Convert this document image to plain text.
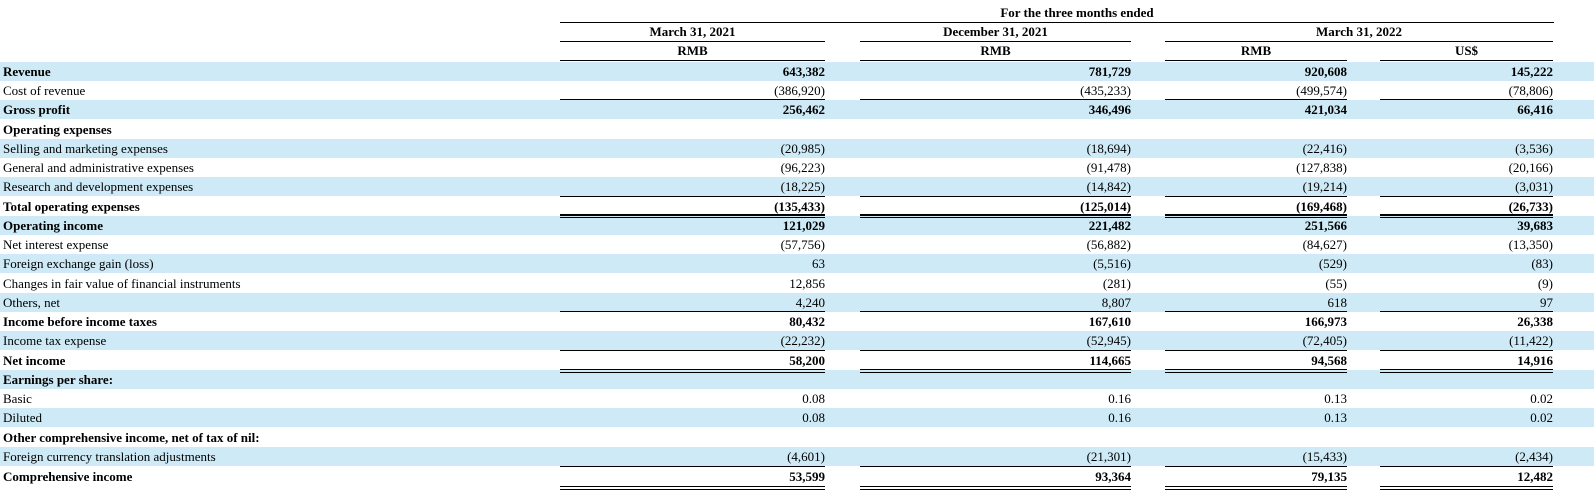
For the three months ended
March 31, 2021	December 31, 2021	March 31, 2022
RMB	RMB	RMB	US$
Revenue	643,382	781,729	920,608	145,222
Cost of revenue	(386,920)	(435,233)	(499,574)	(78,806)
Gross profit	256,462	346,496	421,034	66,416
Operating expenses
Selling and marketing expenses	(20,985)	(18,694)	(22,416)	(3,536)
General and administrative expenses	(96,223)	(91,478)	(127,838)	(20,166)
Research and development expenses	(18,225)	(14,842)	(19,214)	(3,031)
Total operating expenses	(135,433)	(125,014)	(169,468)	(26,733)
Operating income	121,029	221,482	251,566	39,683
Net interest expense	(57,756)	(56,882)	(84,627)	(13,350)
Foreign exchange gain (loss)	63	(5,516)	(529)	(83)
Changes in fair value of financial instruments	12,856	(281)	(55)	(9)
Others, net	4,240	8,807	618	97
Income before income taxes	80,432	167,610	166,973	26,338
Income tax expense	(22,232)	(52,945)	(72,405)	(11,422)
Net income	58,200	114,665	94,568	14,916
Earnings per share:
Basic	0.08	0.16	0.13	0.02
Diluted	0.08	0.16	0.13	0.02
Other comprehensive income, net of tax of nil:
Foreign currency translation adjustments	(4,601)	(21,301)	(15,433)	(2,434)
Comprehensive income	53,599	93,364	79,135	12,482
